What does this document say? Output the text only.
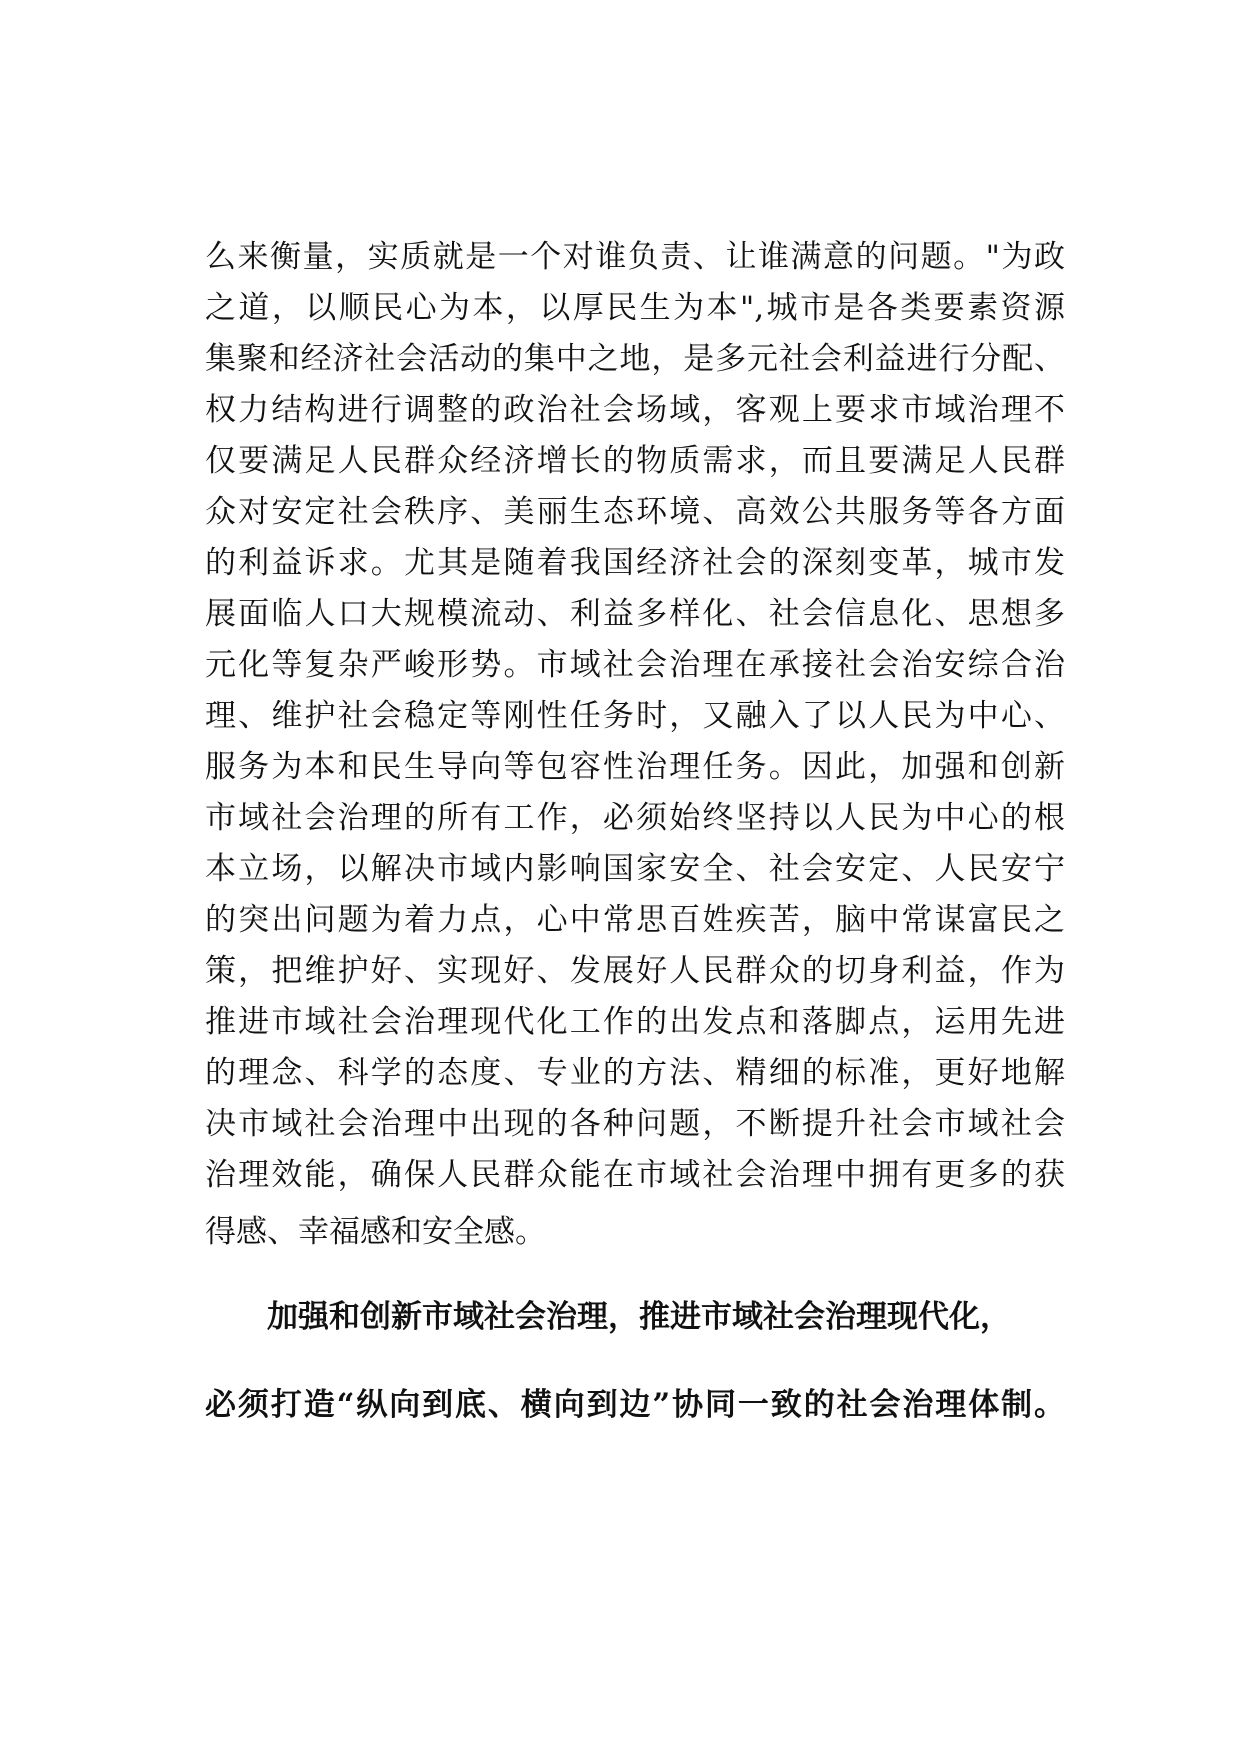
么来衡量，实质就是一个对谁负责、让谁满意的问题。"为政
之道，以顺民心为本，以厚民生为本",城市是各类要素资源
集聚和经济社会活动的集中之地，是多元社会利益进行分配、
权力结构进行调整的政治社会场域，客观上要求市域治理不
仅要满足人民群众经济增长的物质需求，而且要满足人民群
众对安定社会秩序、美丽生态环境、高效公共服务等各方面
的利益诉求。尤其是随着我国经济社会的深刻变革，城市发
展面临人口大规模流动、利益多样化、社会信息化、思想多
元化等复杂严峻形势。市域社会治理在承接社会治安综合治
理、维护社会稳定等刚性任务时，又融入了以人民为中心、
服务为本和民生导向等包容性治理任务。因此，加强和创新
市域社会治理的所有工作，必须始终坚持以人民为中心的根
本立场，以解决市域内影响国家安全、社会安定、人民安宁
的突出问题为着力点，心中常思百姓疾苦，脑中常谋富民之
策，把维护好、实现好、发展好人民群众的切身利益，作为
推进市域社会治理现代化工作的出发点和落脚点，运用先进
的理念、科学的态度、专业的方法、精细的标准，更好地解
决市域社会治理中出现的各种问题，不断提升社会市域社会
治理效能，确保人民群众能在市域社会治理中拥有更多的获
得感、幸福感和安全感。
加强和创新市域社会治理，推进市域社会治理现代化，
必须打造“纵向到底、横向到边”协同一致的社会治理体制。
